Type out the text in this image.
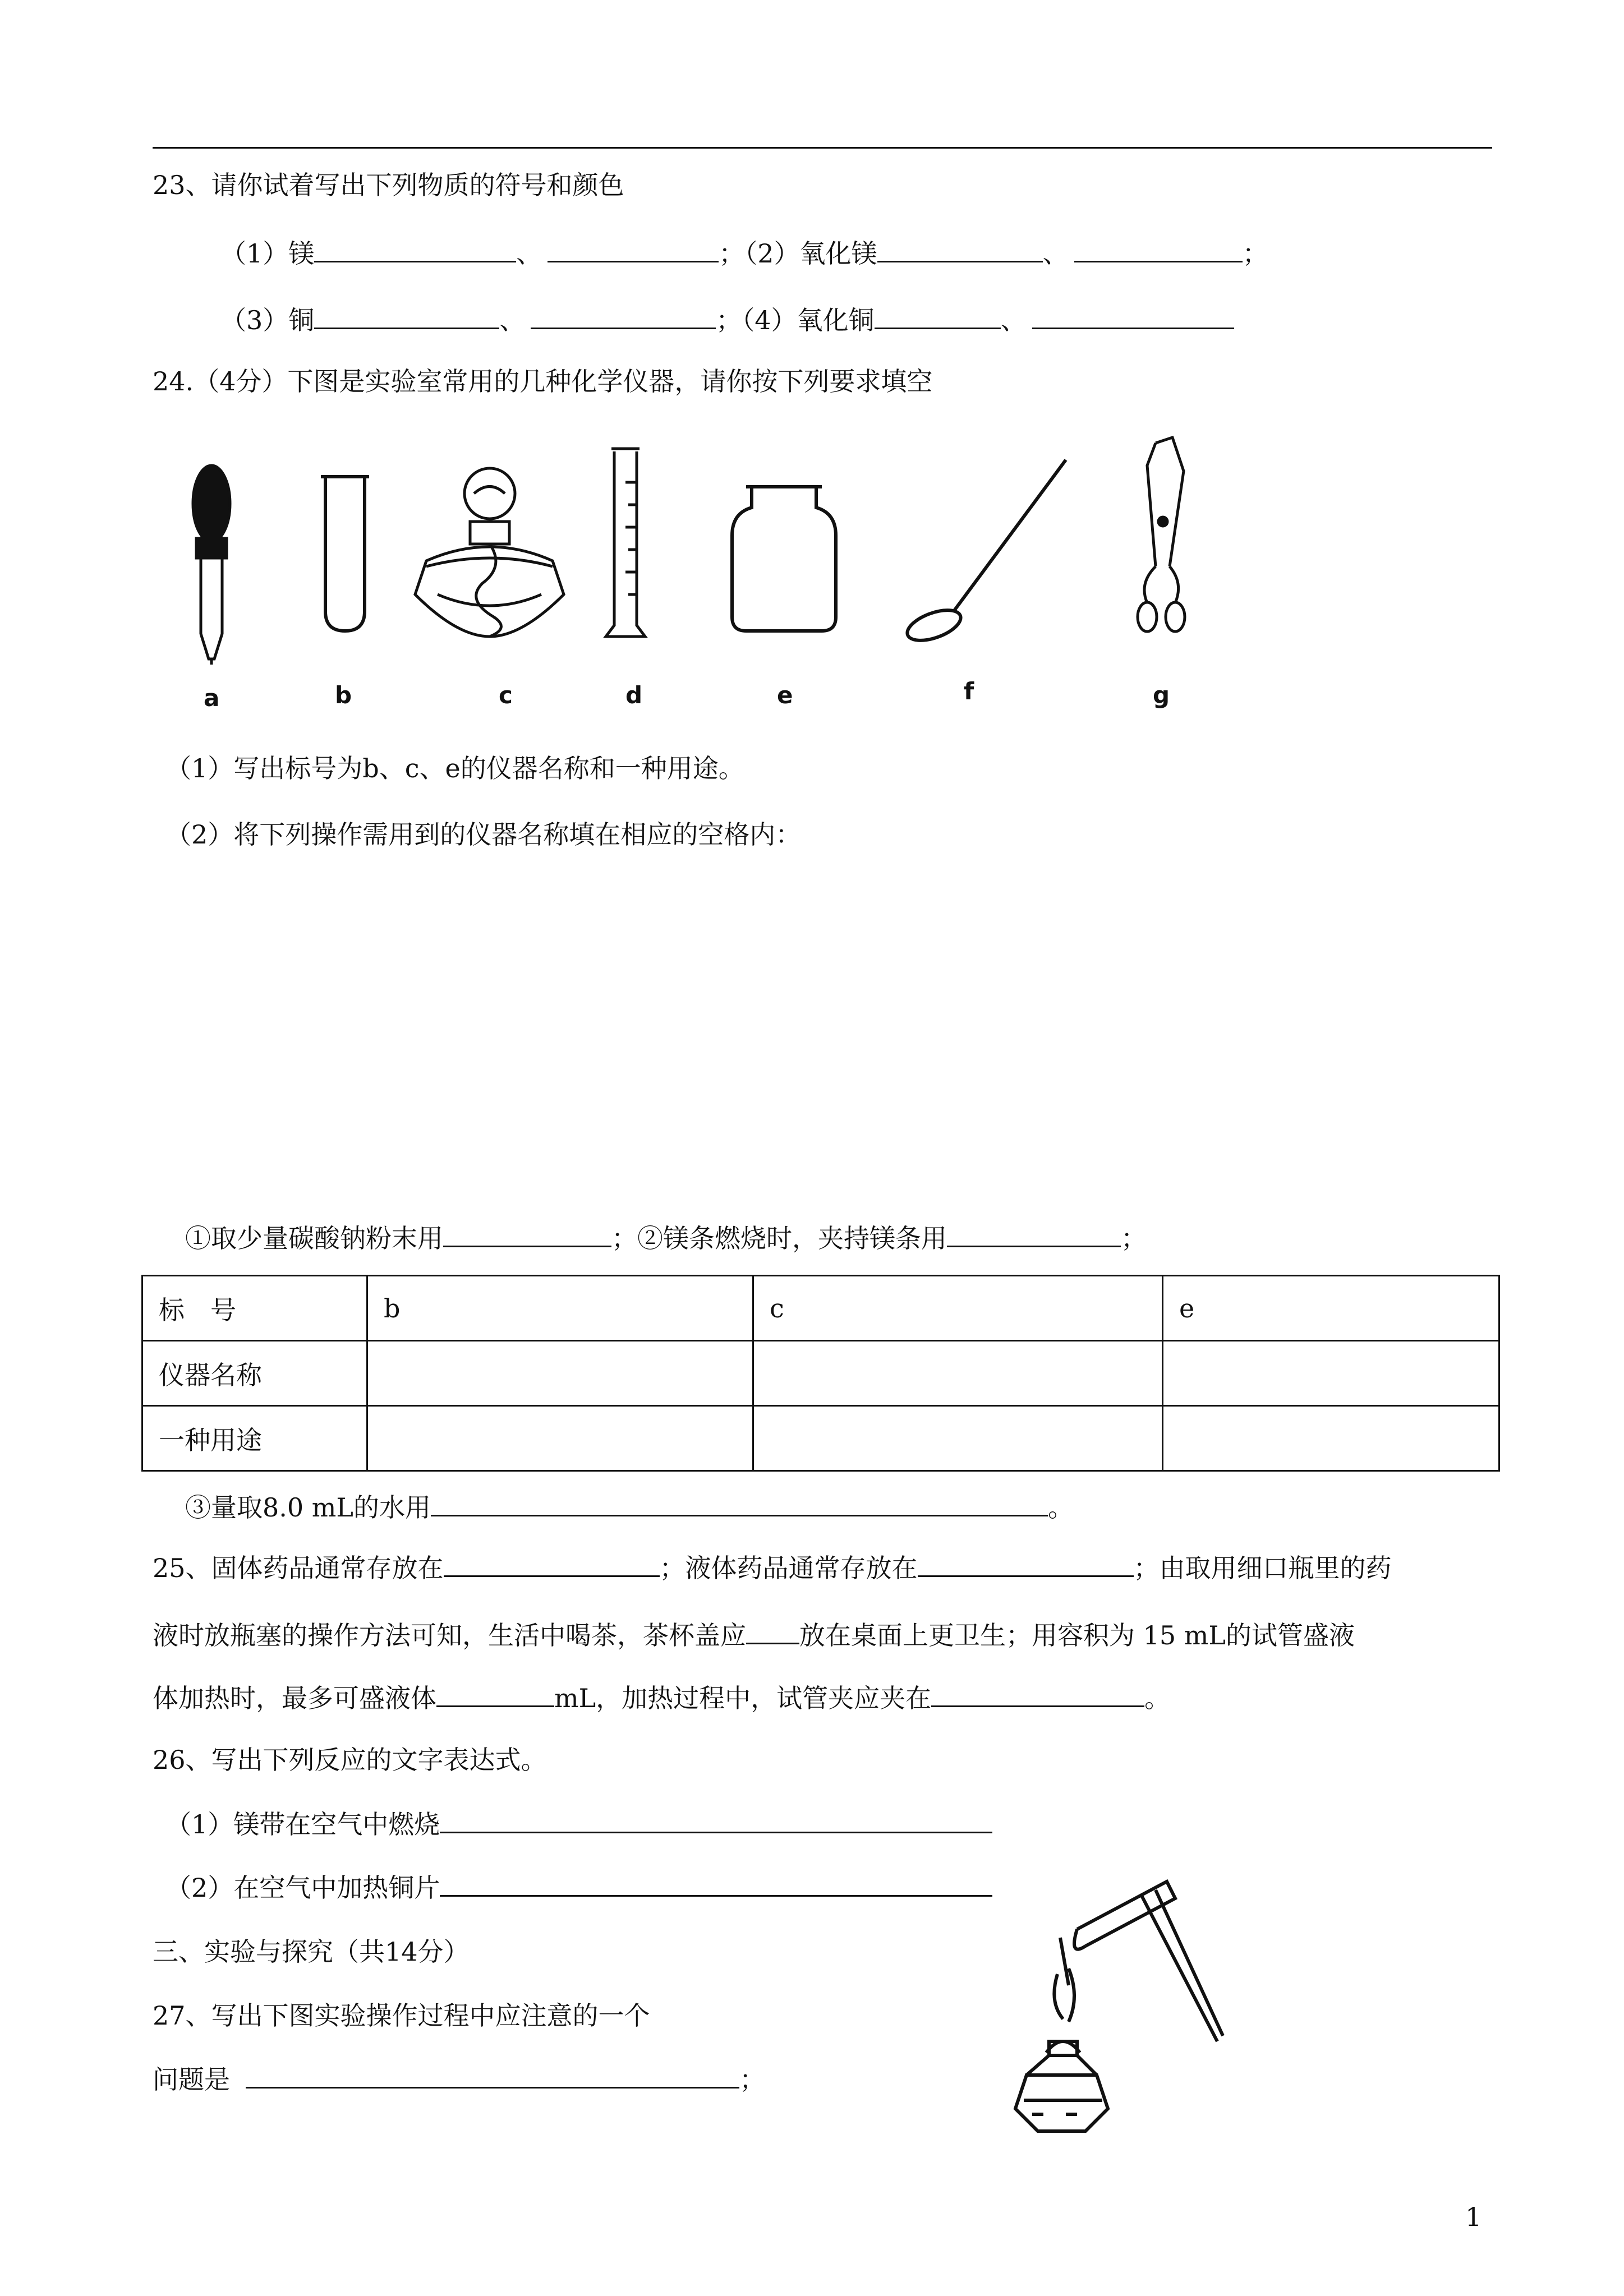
23、请你试着写出下列物质的符号和颜色
（1）镁	、	；（2）氧化镁	、	；
（3）铜	、	；（4）氧化铜	、
24.（4分）下图是实验室常用的几种化学仪器，请你按下列要求填空
a	b	c	d	e	f	g
（1）写出标号为b、c、e的仪器名称和一种用途。
（2）将下列操作需用到的仪器名称填在相应的空格内：
①取少量碳酸钠粉末用	；②镁条燃烧时，夹持镁条用	；
标　号	b	c	e
仪器名称			
一种用途			
③量取8.0 mL的水用	。
25、固体药品通常存放在	；液体药品通常存放在	；由取用细口瓶里的药
液时放瓶塞的操作方法可知，生活中喝茶，茶杯盖应 放在桌面上更卫生；用容积为 15 mL的试管盛液
体加热时，最多可盛液体	mL，加热过程中，试管夹应夹在	。
26、写出下列反应的文字表达式。
（1）镁带在空气中燃烧
（2）在空气中加热铜片
三、实验与探究（共14分）
27、写出下图实验操作过程中应注意的一个
问题是	；
1
